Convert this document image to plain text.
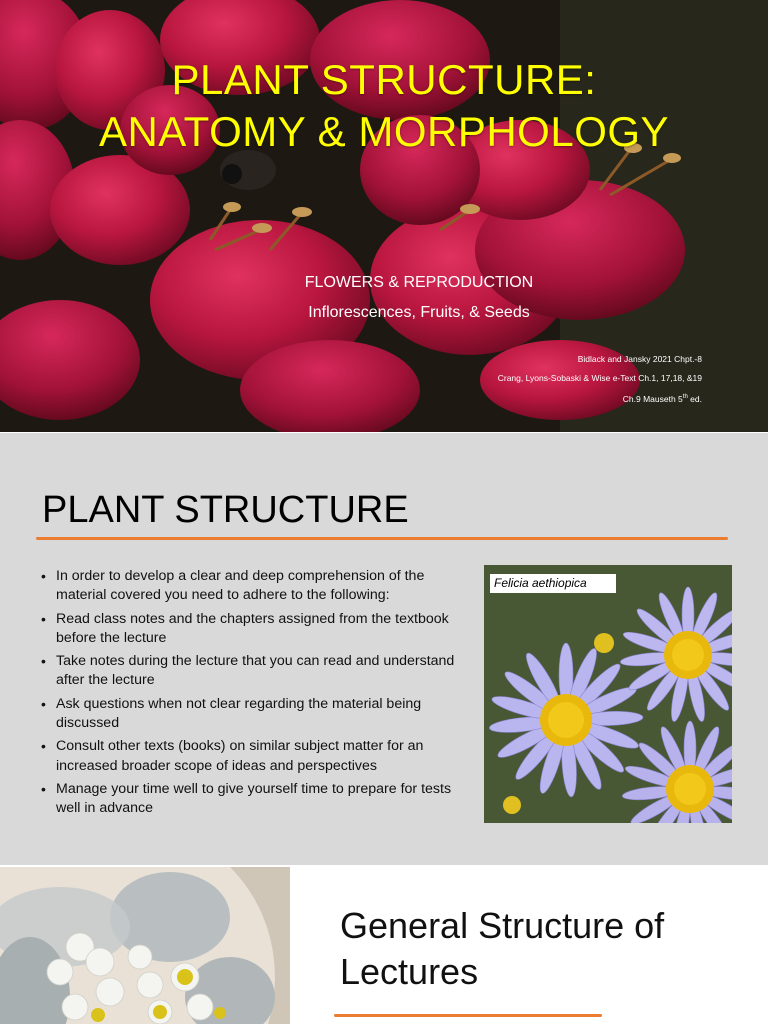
PLANT STRUCTURE:
ANATOMY & MORPHOLOGY
FLOWERS & REPRODUCTION
Inflorescences, Fruits, & Seeds
Bidlack and Jansky 2021 Chpt.-8
Crang, Lyons-Sobaski & Wise e-Text Ch.1, 17,18, &19
Ch.9 Mauseth 5th ed.
PLANT STRUCTURE
• In order to develop a clear and deep comprehension of the material covered you need to adhere to the following:
• Read class notes and the chapters assigned from the textbook before the lecture
• Take notes during the lecture that you can read and understand after the lecture
• Ask questions when not clear regarding the material being discussed
• Consult other texts (books) on similar subject matter for an increased broader scope of ideas and perspectives
• Manage your time well to give yourself time to prepare for tests well in advance
Felicia aethiopica
General Structure of
Lectures
